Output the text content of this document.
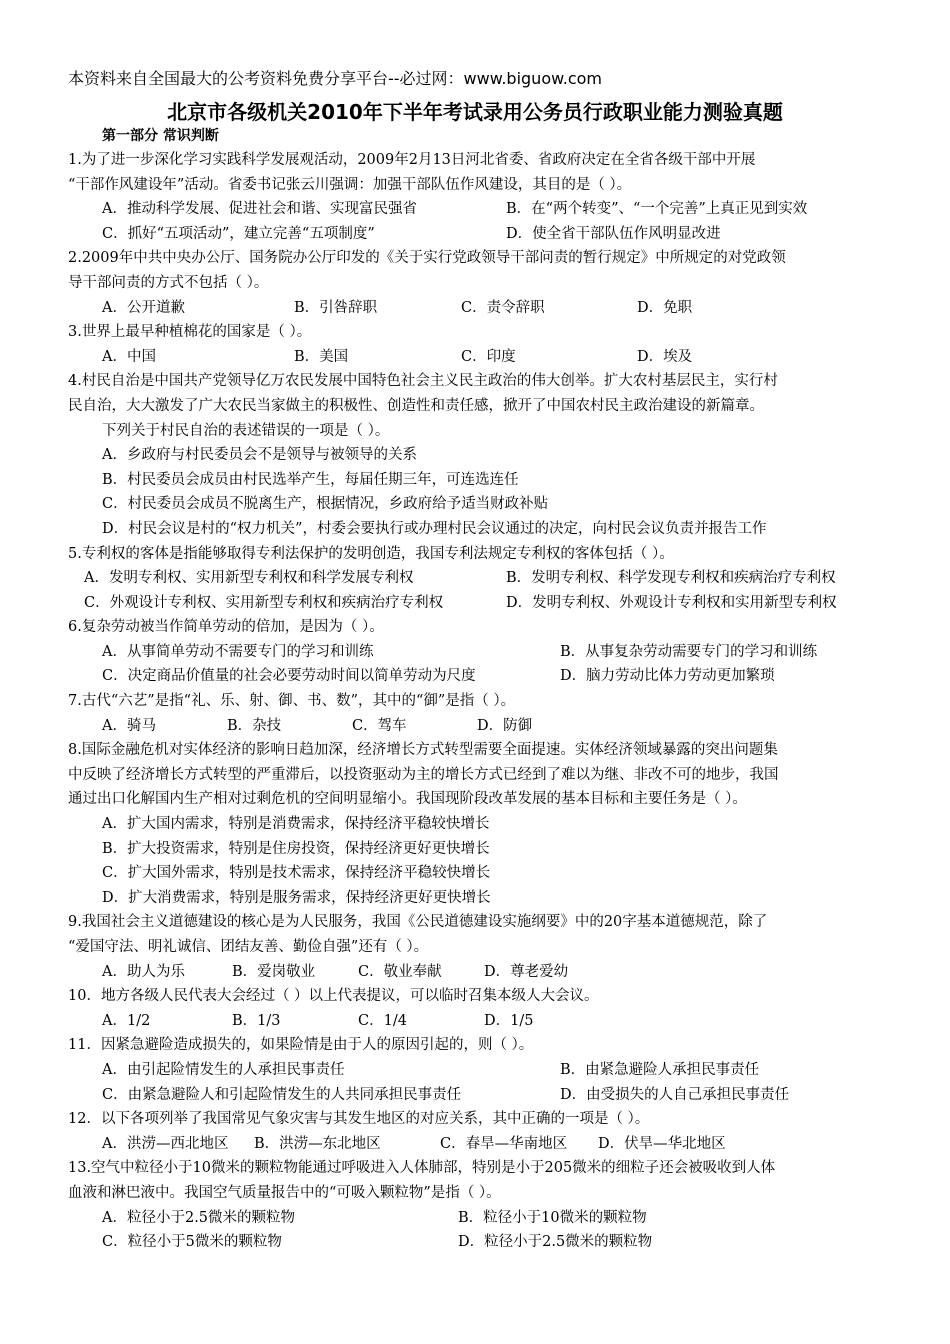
本资料来自全国最大的公考资料免费分享平台--必过网：www.biguow.com
北京市各级机关2010年下半年考试录用公务员行政职业能力测验真题
第一部分 常识判断
1.为了进一步深化学习实践科学发展观活动，2009年2月13日河北省委、省政府决定在全省各级干部中开展
“干部作风建设年”活动。省委书记张云川强调：加强干部队伍作风建设，其目的是（ ）。
A．推动科学发展、促进社会和谐、实现富民强省	B．在“两个转变”、“一个完善”上真正见到实效
C．抓好“五项活动”，建立完善“五项制度”	D．使全省干部队伍作风明显改进
2.2009年中共中央办公厅、国务院办公厅印发的《关于实行党政领导干部问责的暂行规定》中所规定的对党政领
导干部问责的方式不包括（ ）。
A．公开道歉	B．引咎辞职	C．责令辞职	D．免职
3.世界上最早种植棉花的国家是（ ）。
A．中国	B．美国	C．印度	D．埃及
4.村民自治是中国共产党领导亿万农民发展中国特色社会主义民主政治的伟大创举。扩大农村基层民主，实行村
民自治，大大激发了广大农民当家做主的积极性、创造性和责任感，掀开了中国农村民主政治建设的新篇章。
下列关于村民自治的表述错误的一项是（ ）。
A．乡政府与村民委员会不是领导与被领导的关系
B．村民委员会成员由村民选举产生，每届任期三年，可连选连任
C．村民委员会成员不脱离生产，根据情况，乡政府给予适当财政补贴
D．村民会议是村的“权力机关”，村委会要执行或办理村民会议通过的决定，向村民会议负责并报告工作
5.专利权的客体是指能够取得专利法保护的发明创造，我国专利法规定专利权的客体包括（ ）。
A．发明专利权、实用新型专利权和科学发展专利权	B．发明专利权、科学发现专利权和疾病治疗专利权
C．外观设计专利权、实用新型专利权和疾病治疗专利权	D．发明专利权、外观设计专利权和实用新型专利权
6.复杂劳动被当作简单劳动的倍加，是因为（ ）。
A．从事简单劳动不需要专门的学习和训练	B．从事复杂劳动需要专门的学习和训练
C．决定商品价值量的社会必要劳动时间以简单劳动为尺度	D．脑力劳动比体力劳动更加繁琐
7.古代“六艺”是指“礼、乐、射、御、书、数”，其中的“御”是指（ ）。
A．骑马	B．杂技	C．驾车	D．防御
8.国际金融危机对实体经济的影响日趋加深，经济增长方式转型需要全面提速。实体经济领域暴露的突出问题集
中反映了经济增长方式转型的严重滞后，以投资驱动为主的增长方式已经到了难以为继、非改不可的地步，我国
通过出口化解国内生产相对过剩危机的空间明显缩小。我国现阶段改革发展的基本目标和主要任务是（ ）。
A．扩大国内需求，特别是消费需求，保持经济平稳较快增长
B．扩大投资需求，特别是住房投资，保持经济更好更快增长
C．扩大国外需求，特别是技术需求，保持经济平稳较快增长
D．扩大消费需求，特别是服务需求，保持经济更好更快增长
9.我国社会主义道德建设的核心是为人民服务，我国《公民道德建设实施纲要》中的20字基本道德规范，除了
“爱国守法、明礼诚信、团结友善、勤俭自强”还有（ ）。
A．助人为乐	B．爱岗敬业	C．敬业奉献	D．尊老爱幼
10．地方各级人民代表大会经过（ ）以上代表提议，可以临时召集本级人大会议。
A．1/2	B．1/3	C．1/4	D．1/5
11．因紧急避险造成损失的，如果险情是由于人的原因引起的，则（ ）。
A．由引起险情发生的人承担民事责任	B．由紧急避险人承担民事责任
C．由紧急避险人和引起险情发生的人共同承担民事责任	D．由受损失的人自己承担民事责任
12．以下各项列举了我国常见气象灾害与其发生地区的对应关系，其中正确的一项是（ ）。
A．洪涝—西北地区 B．洪涝—东北地区	C．春旱—华南地区 D．伏旱—华北地区
13.空气中粒径小于10微米的颗粒物能通过呼吸进入人体肺部，特别是小于205微米的细粒子还会被吸收到人体
血液和淋巴液中。我国空气质量报告中的“可吸入颗粒物”是指（ ）。
A．粒径小于2.5微米的颗粒物	B．粒径小于10微米的颗粒物
C．粒径小于5微米的颗粒物	D．粒径小于2.5微米的颗粒物
